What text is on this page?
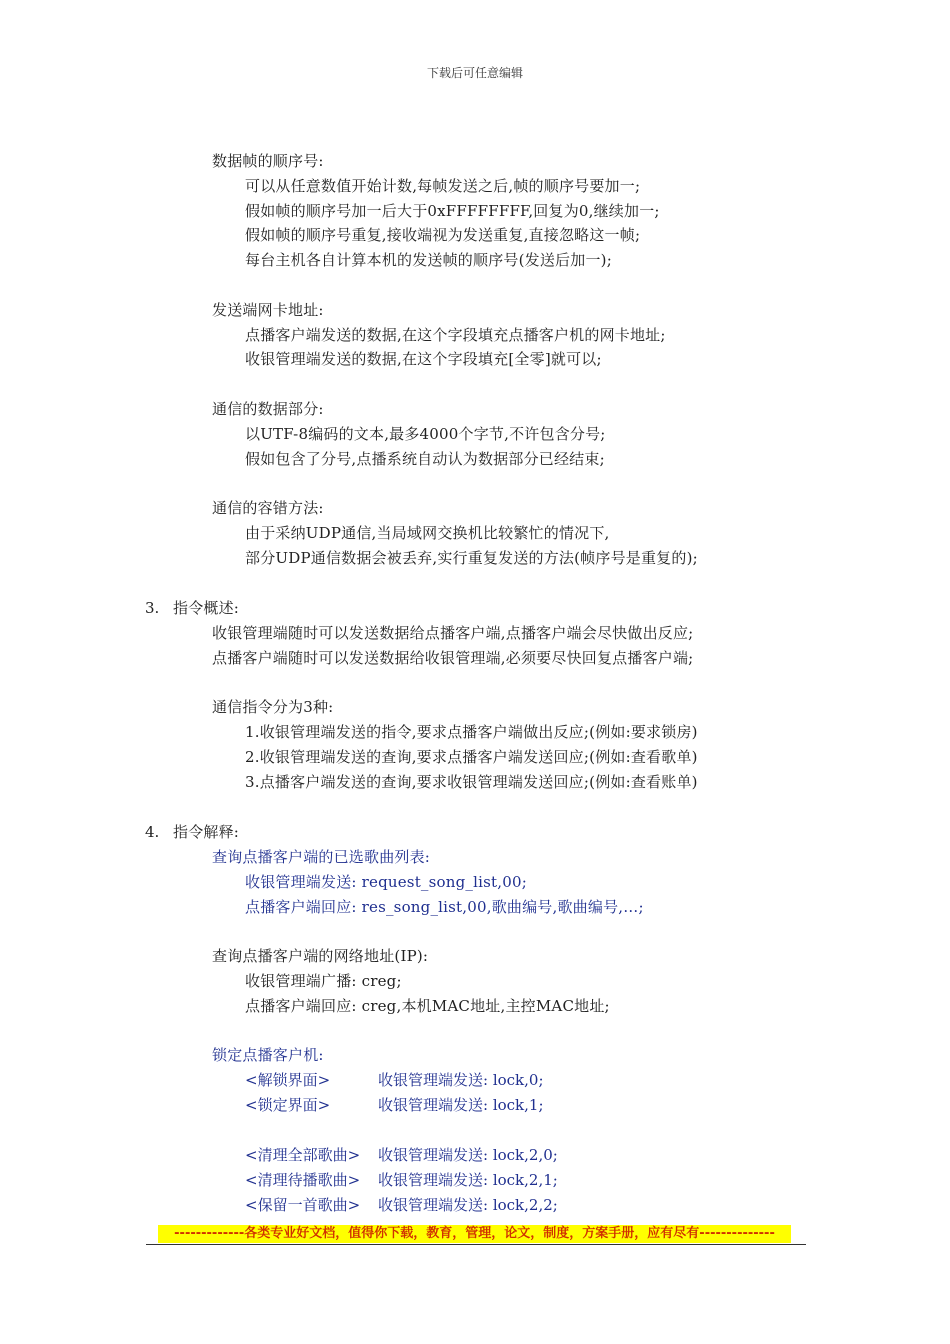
下载后可任意编辑
数据帧的顺序号:
可以从任意数值开始计数,每帧发送之后,帧的顺序号要加一;
假如帧的顺序号加一后大于0xFFFFFFFF,回复为0,继续加一;
假如帧的顺序号重复,接收端视为发送重复,直接忽略这一帧;
每台主机各自计算本机的发送帧的顺序号(发送后加一);
发送端网卡地址:
点播客户端发送的数据,在这个字段填充点播客户机的网卡地址;
收银管理端发送的数据,在这个字段填充[全零]就可以;
通信的数据部分:
以UTF-8编码的文本,最多4000个字节,不许包含分号;
假如包含了分号,点播系统自动认为数据部分已经结束;
通信的容错方法:
由于采纳UDP通信,当局域网交换机比较繁忙的情况下,
部分UDP通信数据会被丢弃,实行重复发送的方法(帧序号是重复的);
3. 指令概述:
收银管理端随时可以发送数据给点播客户端,点播客户端会尽快做出反应;
点播客户端随时可以发送数据给收银管理端,必须要尽快回复点播客户端;
通信指令分为3种:
1.收银管理端发送的指令,要求点播客户端做出反应;(例如:要求锁房)
2.收银管理端发送的查询,要求点播客户端发送回应;(例如:查看歌单)
3.点播客户端发送的查询,要求收银管理端发送回应;(例如:查看账单)
4. 指令解释:
查询点播客户端的已选歌曲列表:
收银管理端发送: request_song_list,00;
点播客户端回应: res_song_list,00,歌曲编号,歌曲编号,…;
查询点播客户端的网络地址(IP):
收银管理端广播: creg;
点播客户端回应: creg,本机MAC地址,主控MAC地址;
锁定点播客户机:
<解锁界面>	收银管理端发送: lock,0;
<锁定界面>	收银管理端发送: lock,1;
<清理全部歌曲> 收银管理端发送: lock,2,0;
<清理待播歌曲> 收银管理端发送: lock,2,1;
<保留一首歌曲> 收银管理端发送: lock,2,2;
-------------各类专业好文档，值得你下载，教育，管理，论文，制度，方案手册，应有尽有--------------
